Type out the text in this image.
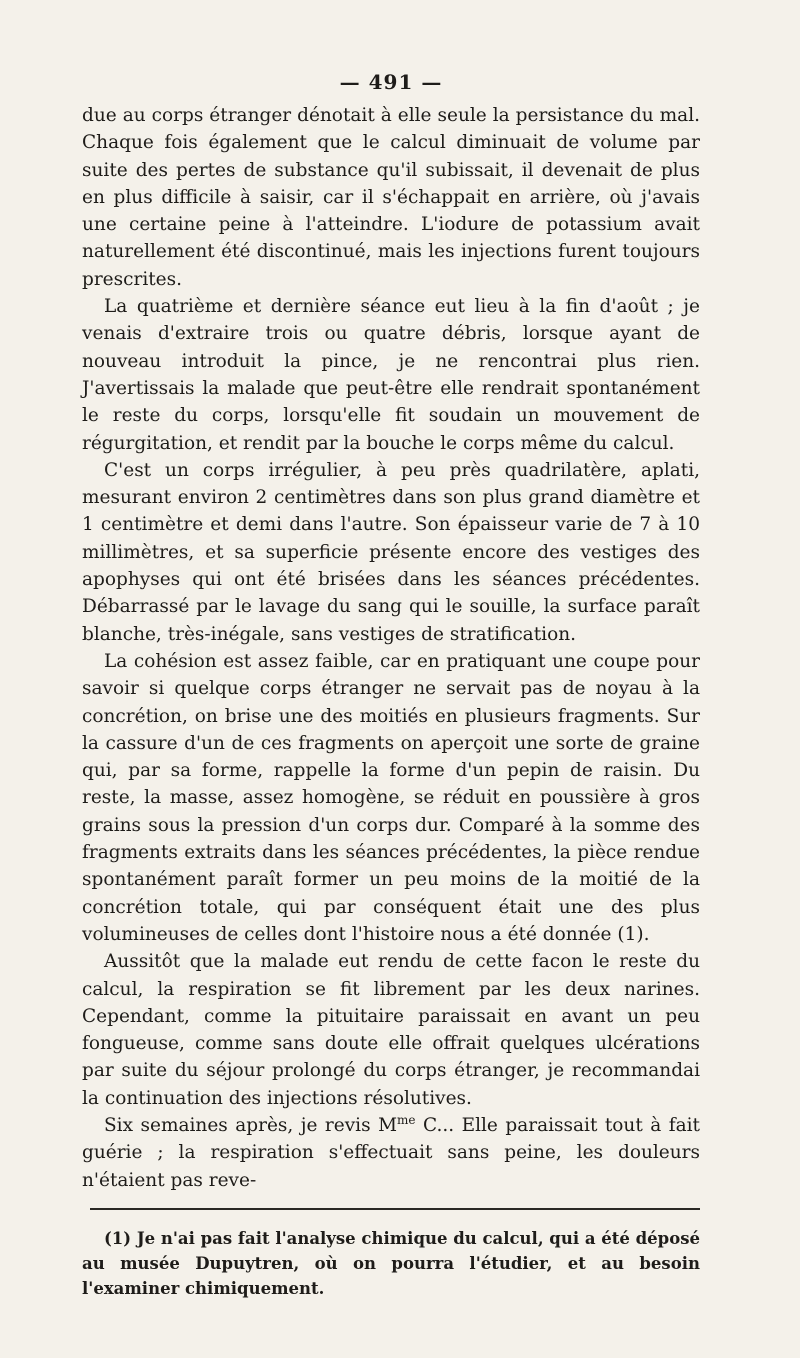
— 491 —

due au corps étranger dénotait à elle seule la persistance du mal. Chaque fois également que le calcul diminuait de volume par suite des pertes de substance qu'il subissait, il devenait de plus en plus difficile à saisir, car il s'échappait en arrière, où j'avais une certaine peine à l'atteindre. L'iodure de potassium avait naturellement été discontinué, mais les injections furent toujours prescrites.

La quatrième et dernière séance eut lieu à la fin d'août ; je venais d'extraire trois ou quatre débris, lorsque ayant de nouveau introduit la pince, je ne rencontrai plus rien. J'avertissais la malade que peut-être elle rendrait spontanément le reste du corps, lorsqu'elle fit soudain un mouvement de régurgitation, et rendit par la bouche le corps même du calcul.

C'est un corps irrégulier, à peu près quadrilatère, aplati, mesurant environ 2 centimètres dans son plus grand diamètre et 1 centimètre et demi dans l'autre. Son épaisseur varie de 7 à 10 millimètres, et sa superficie présente encore des vestiges des apophyses qui ont été brisées dans les séances précédentes. Débarrassé par le lavage du sang qui le souille, la surface paraît blanche, très-inégale, sans vestiges de stratification.

La cohésion est assez faible, car en pratiquant une coupe pour savoir si quelque corps étranger ne servait pas de noyau à la concrétion, on brise une des moitiés en plusieurs fragments. Sur la cassure d'un de ces fragments on aperçoit une sorte de graine qui, par sa forme, rappelle la forme d'un pepin de raisin. Du reste, la masse, assez homogène, se réduit en poussière à gros grains sous la pression d'un corps dur. Comparé à la somme des fragments extraits dans les séances précédentes, la pièce rendue spontanément paraît former un peu moins de la moitié de la concrétion totale, qui par conséquent était une des plus volumineuses de celles dont l'histoire nous a été donnée (1).

Aussitôt que la malade eut rendu de cette facon le reste du calcul, la respiration se fit librement par les deux narines. Cependant, comme la pituitaire paraissait en avant un peu fongueuse, comme sans doute elle offrait quelques ulcérations par suite du séjour prolongé du corps étranger, je recommandai la continuation des injections résolutives.

Six semaines après, je revis $M^{me}$ C... Elle paraissait tout à fait guérie ; la respiration s'effectuait sans peine, les douleurs n'étaient pas reve-

(1) Je n'ai pas fait l'analyse chimique du calcul, qui a été déposé au musée Dupuytren, où on pourra l'étudier, et au besoin l'examiner chimiquement.
